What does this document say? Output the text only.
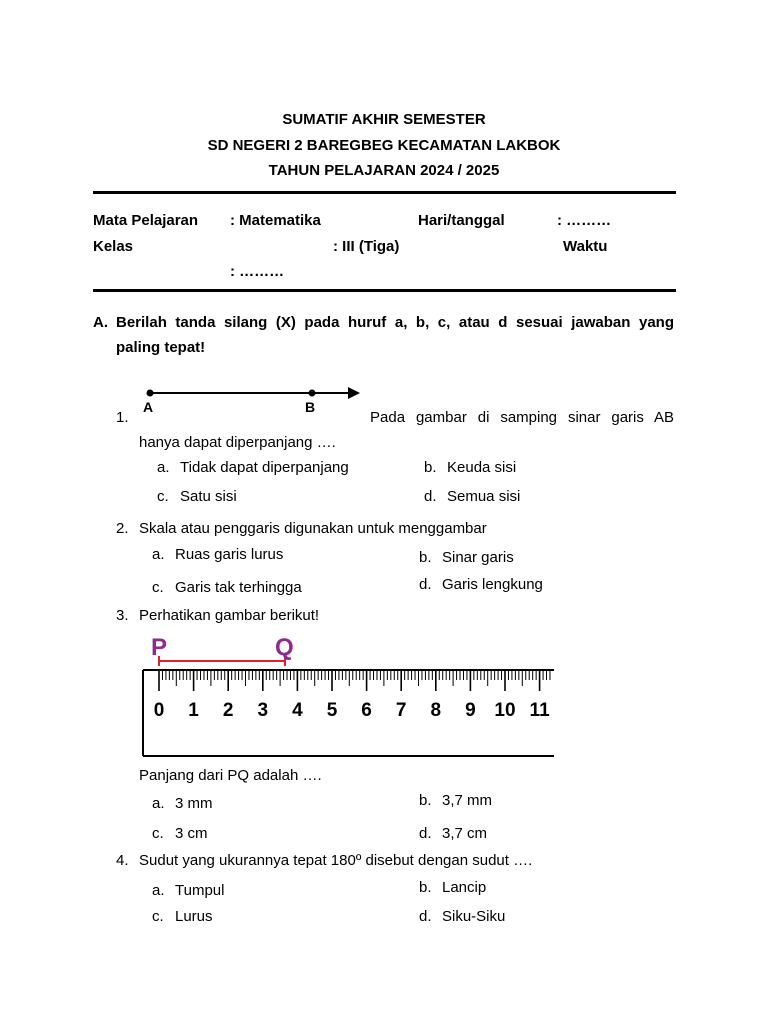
SUMATIF AKHIR SEMESTER
SD NEGERI 2 BAREGBEG KECAMATAN LAKBOK
TAHUN PELAJARAN 2024 / 2025
Mata Pelajaran : Matematika	Hari/tanggal	: ………
Kelas	: III (Tiga)	Waktu
: ………
A. Berilah tanda silang (X) pada huruf a, b, c, atau d sesuai jawaban yang
paling tepat!
A	B
1.	Pada gambar di samping sinar garis AB
hanya dapat diperpanjang ….
a. Tidak dapat diperpanjang	b. Keuda sisi
c. Satu sisi	d. Semua sisi
2. Skala atau penggaris digunakan untuk menggambar
a. Ruas garis lurus	b. Sinar garis
c. Garis tak terhingga	d. Garis lengkung
3. Perhatikan gambar berikut!
P	Q
0 1 2 3 4 5 6 7 8 9 10 11
Panjang dari PQ adalah ….
a. 3 mm	b. 3,7 mm
c. 3 cm	d. 3,7 cm
4. Sudut yang ukurannya tepat 180º disebut dengan sudut ….
a. Tumpul	b. Lancip
c. Lurus	d. Siku-Siku
